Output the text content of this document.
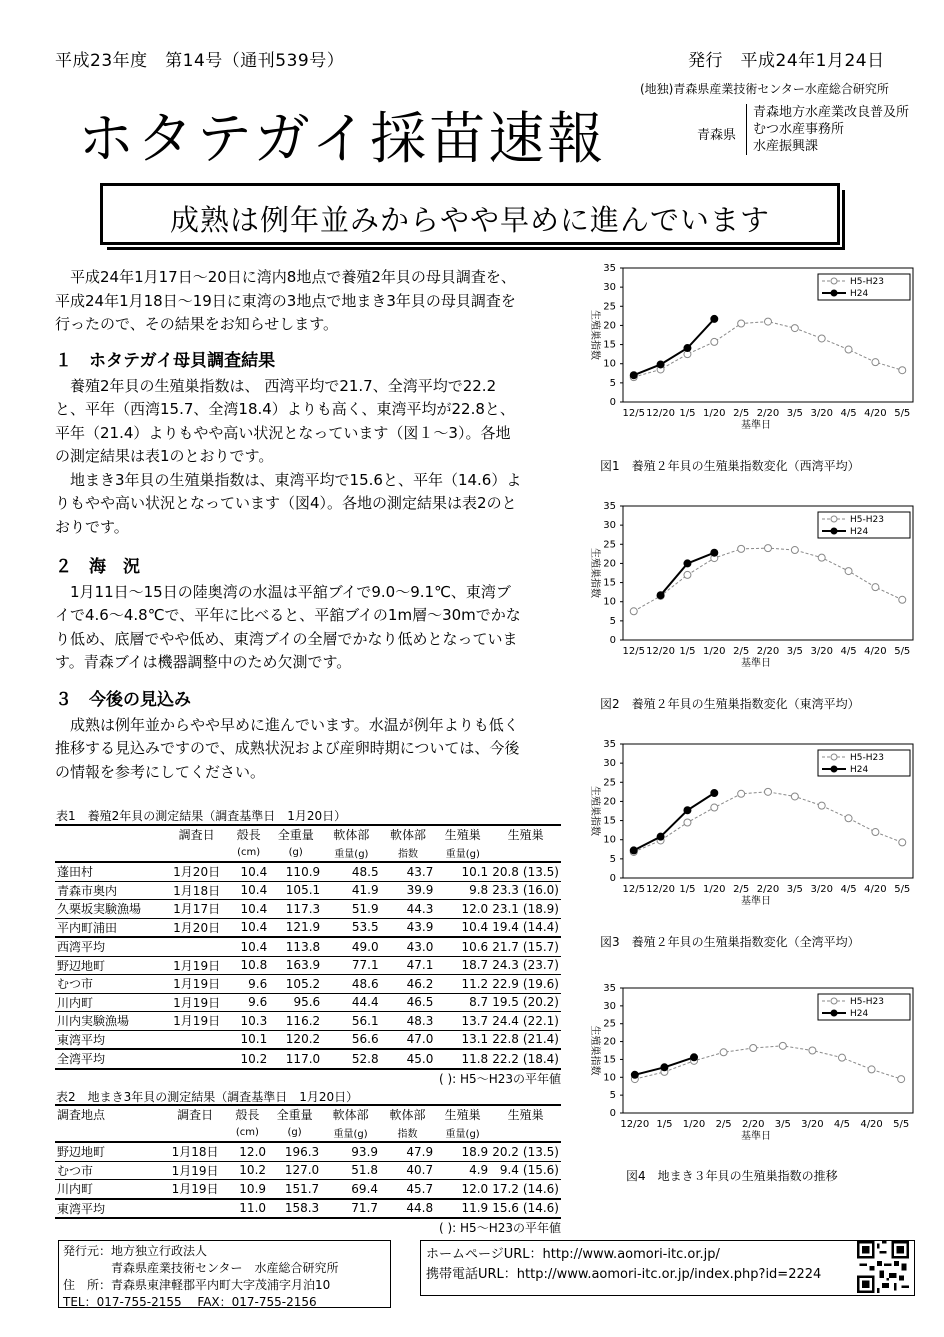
平成23年度　第14号（通刊539号）	発行　平成24年1月24日
(地独)青森県産業技術センター水産総合研究所
ホタテガイ採苗速報	青森県
青森地方水産業改良普及所
むつ水産事務所
水産振興課
成熟は例年並みからやや早めに進んでいます
平成24年1月17日～20日に湾内8地点で養殖2年貝の母貝調査を、
平成24年1月18日～19日に東湾の3地点で地まき3年貝の母貝調査を
行ったので、その結果をお知らせします。
１　ホタテガイ母貝調査結果
養殖2年貝の生殖巣指数は、 西湾平均で21.7、全湾平均で22.2
と、平年（西湾15.7、全湾18.4）よりも高く、東湾平均が22.8と、
平年（21.4）よりもやや高い状況となっています（図１～3）。各地
の測定結果は表1のとおりです。
地まき3年貝の生殖巣指数は、東湾平均で15.6と、平年（14.6）よ
りもやや高い状況となっています（図4）。各地の測定結果は表2のと
おりです。
２　海　況
1月11日～15日の陸奥湾の水温は平舘ブイで9.0～9.1℃、東湾ブ
イで4.6～4.8℃で、平年に比べると、平舘ブイの1m層～30mでかな
り低め、底層でやや低め、東湾ブイの全層でかなり低めとなっていま
す。青森ブイは機器調整中のため欠測です。
３　今後の見込み
成熟は例年並からやや早めに進んでいます。水温が例年よりも低く
推移する見込みですので、成熟状況および産卵時期については、今後
の情報を参考にしてください。
表1　養殖2年貝の測定結果（調査基準日　1月20日）
	調査日	殻長	全重量	軟体部	軟体部	生殖巣	生殖巣	
		(cm)	(g)	重量(g)	指数	重量(g)		
蓬田村	1月20日	10.4	110.9	48.5	43.7	10.1	20.8	(13.5)
青森市奥内	1月18日	10.4	105.1	41.9	39.9	9.8	23.3	(16.0)
久栗坂実験漁場	1月17日	10.4	117.3	51.9	44.3	12.0	23.1	(18.9)
平内町浦田	1月20日	10.4	121.9	53.5	43.9	10.4	19.4	(14.4)
西湾平均		10.4	113.8	49.0	43.0	10.6	21.7	(15.7)
野辺地町	1月19日	10.8	163.9	77.1	47.1	18.7	24.3	(23.7)
むつ市	1月19日	9.6	105.2	48.6	46.2	11.2	22.9	(19.6)
川内町	1月19日	9.6	95.6	44.4	46.5	8.7	19.5	(20.2)
川内実験漁場	1月19日	10.3	116.2	56.1	48.3	13.7	24.4	(22.1)
東湾平均		10.1	120.2	56.6	47.0	13.1	22.8	(21.4)
全湾平均		10.2	117.0	52.8	45.0	11.8	22.2	(18.4)
( ): H5～H23の平年値
表2　地まき3年貝の測定結果（調査基準日　1月20日）
調査地点	調査日	殻長	全重量	軟体部	軟体部	生殖巣	生殖巣	
		(cm)	(g)	重量(g)	指数	重量(g)		
野辺地町	1月18日	12.0	196.3	93.9	47.9	18.9	20.2	(13.5)
むつ市	1月19日	10.2	127.0	51.8	40.7	4.9	9.4	(15.6)
川内町	1月19日	10.9	151.7	69.4	45.7	12.0	17.2	(14.6)
東湾平均		11.0	158.3	71.7	44.8	11.9	15.6	(14.6)
( ): H5～H23の平年値
0
5
10
15
20
25
30
35
12/5 12/20 1/5 1/20 2/5 2/20 3/5 3/20 4/5 4/20 5/5
基準日
生殖巣指数
H5-H23
H24
図1　養殖２年貝の生殖巣指数変化（西湾平均）
0
5
10
15
20
25
30
35
12/5 12/20 1/5 1/20 2/5 2/20 3/5 3/20 4/5 4/20 5/5
基準日
生殖巣指数
H5-H23
H24
図2　養殖２年貝の生殖巣指数変化（東湾平均）
0
5
10
15
20
25
30
35
12/5 12/20 1/5 1/20 2/5 2/20 3/5 3/20 4/5 4/20 5/5
基準日
生殖巣指数
H5-H23
H24
図3　養殖２年貝の生殖巣指数変化（全湾平均）
0
5
10
15
20
25
30
35
12/20 1/5 1/20 2/5 2/20 3/5 3/20 4/5 4/20 5/5
基準日
生殖巣指数
H5-H23
H24
図4　地まき３年貝の生殖巣指数の推移
発行元：地方独立行政法人
　　　　青森県産業技術センター　水産総合研究所
住　所：青森県東津軽郡平内町大字茂浦字月泊10
TEL：017-755-2155　 FAX：017-755-2156
ホームページURL：http://www.aomori-itc.or.jp/
携帯電話URL：http://www.aomori-itc.or.jp/index.php?id=2224
